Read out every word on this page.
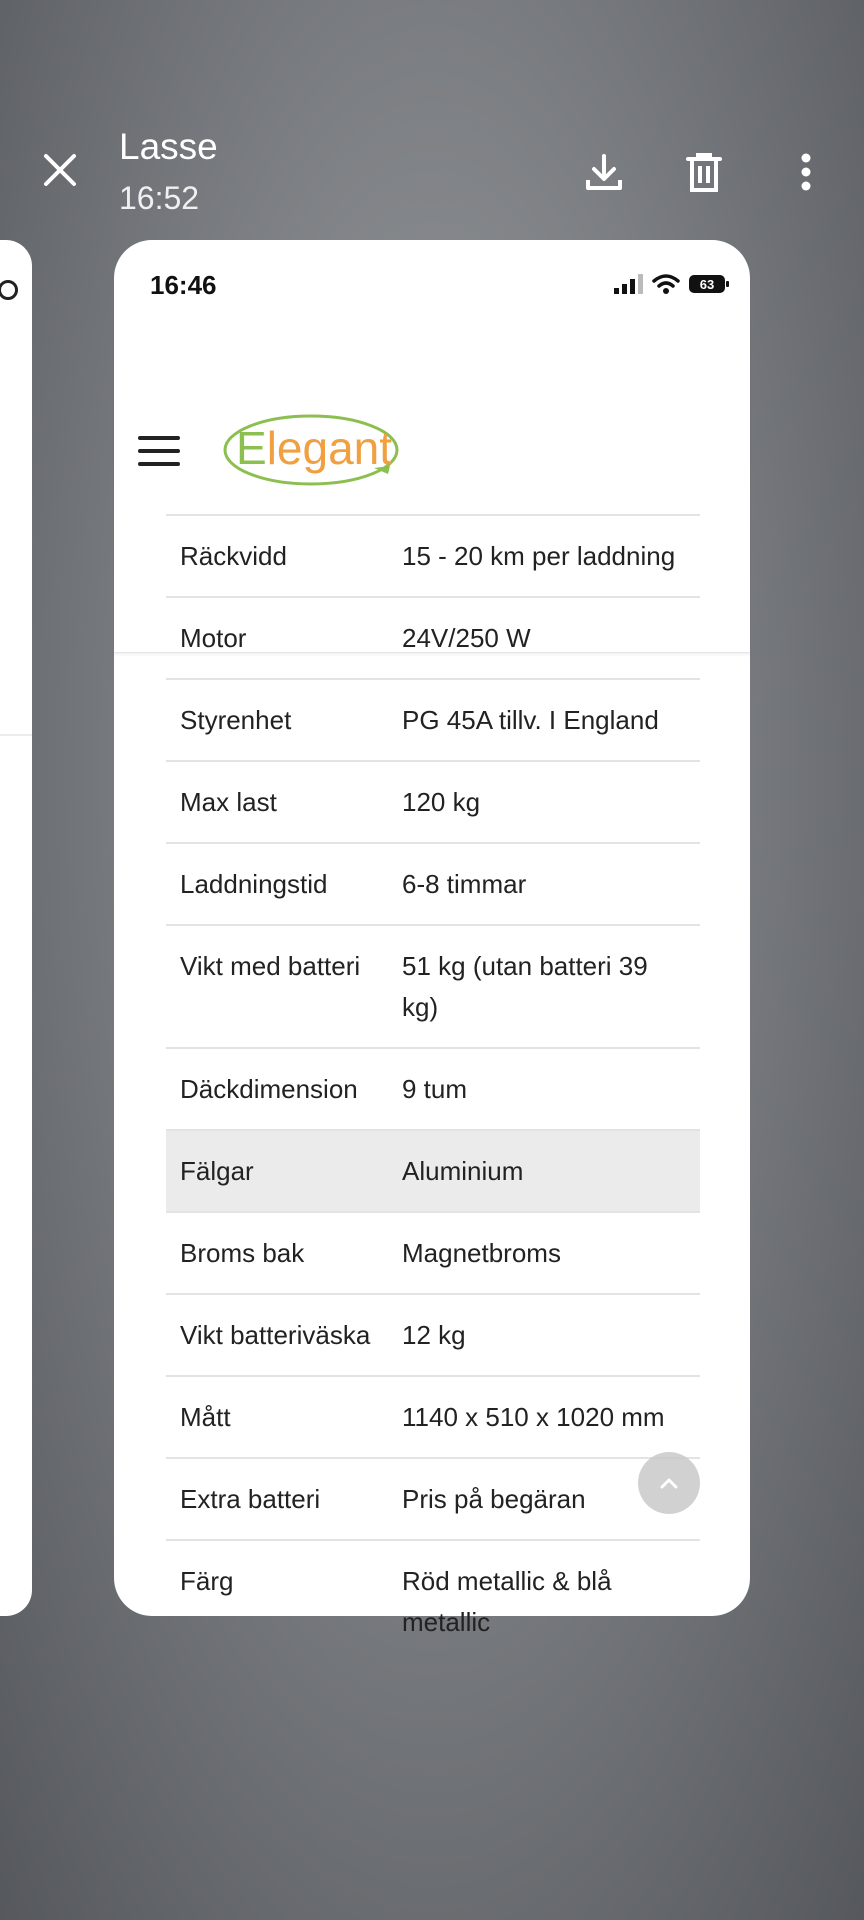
Lasse
16:52
16:46	63
Elegant
Räckvidd	15 - 20 km per laddning
Motor	24V/250 W
Styrenhet	PG 45A tillv. I England
Max last	120 kg
Laddningstid	6-8 timmar
Vikt med batteri	51 kg (utan batteri 39 kg)
Däckdimension	9 tum
Fälgar	Aluminium
Broms bak	Magnetbroms
Vikt batteriväska	12 kg
Mått	1140 x 510 x 1020 mm
Extra batteri	Pris på begäran
Färg	Röd metallic & blå metallic
